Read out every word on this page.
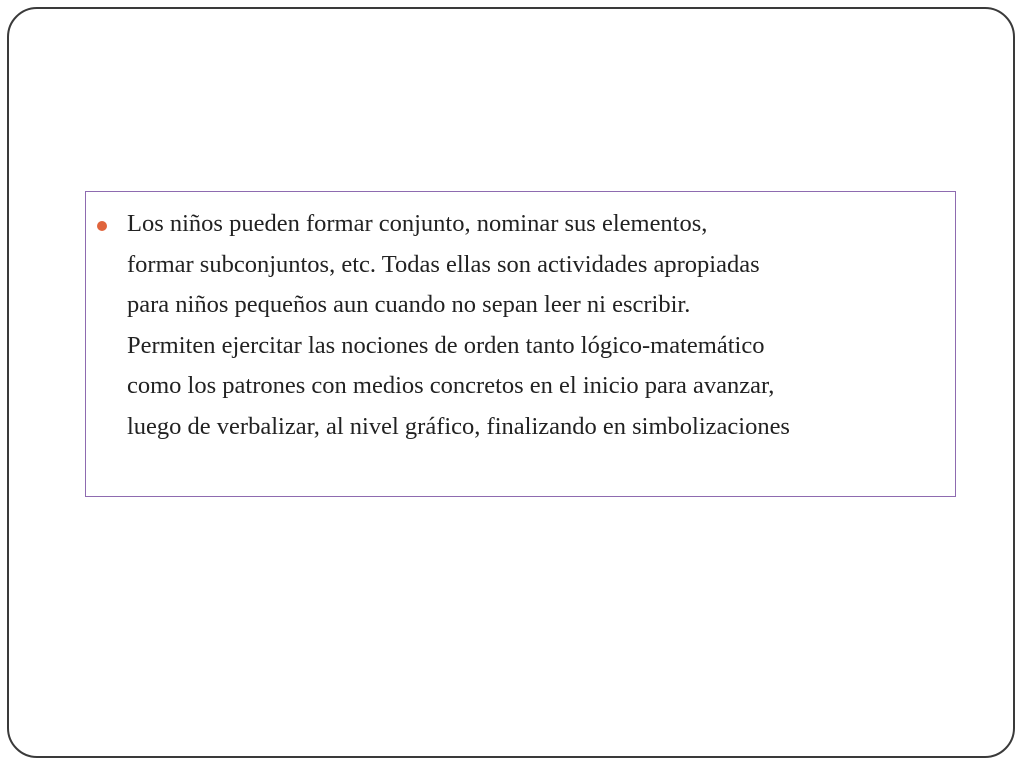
Los niños pueden formar conjunto, nominar sus elementos,
formar subconjuntos, etc. Todas ellas son actividades apropiadas
para niños pequeños aun cuando no sepan leer ni escribir.
Permiten ejercitar las nociones de orden tanto lógico-matemático
como los patrones con medios concretos en el inicio para avanzar,
luego de verbalizar, al nivel gráfico, finalizando en simbolizaciones
